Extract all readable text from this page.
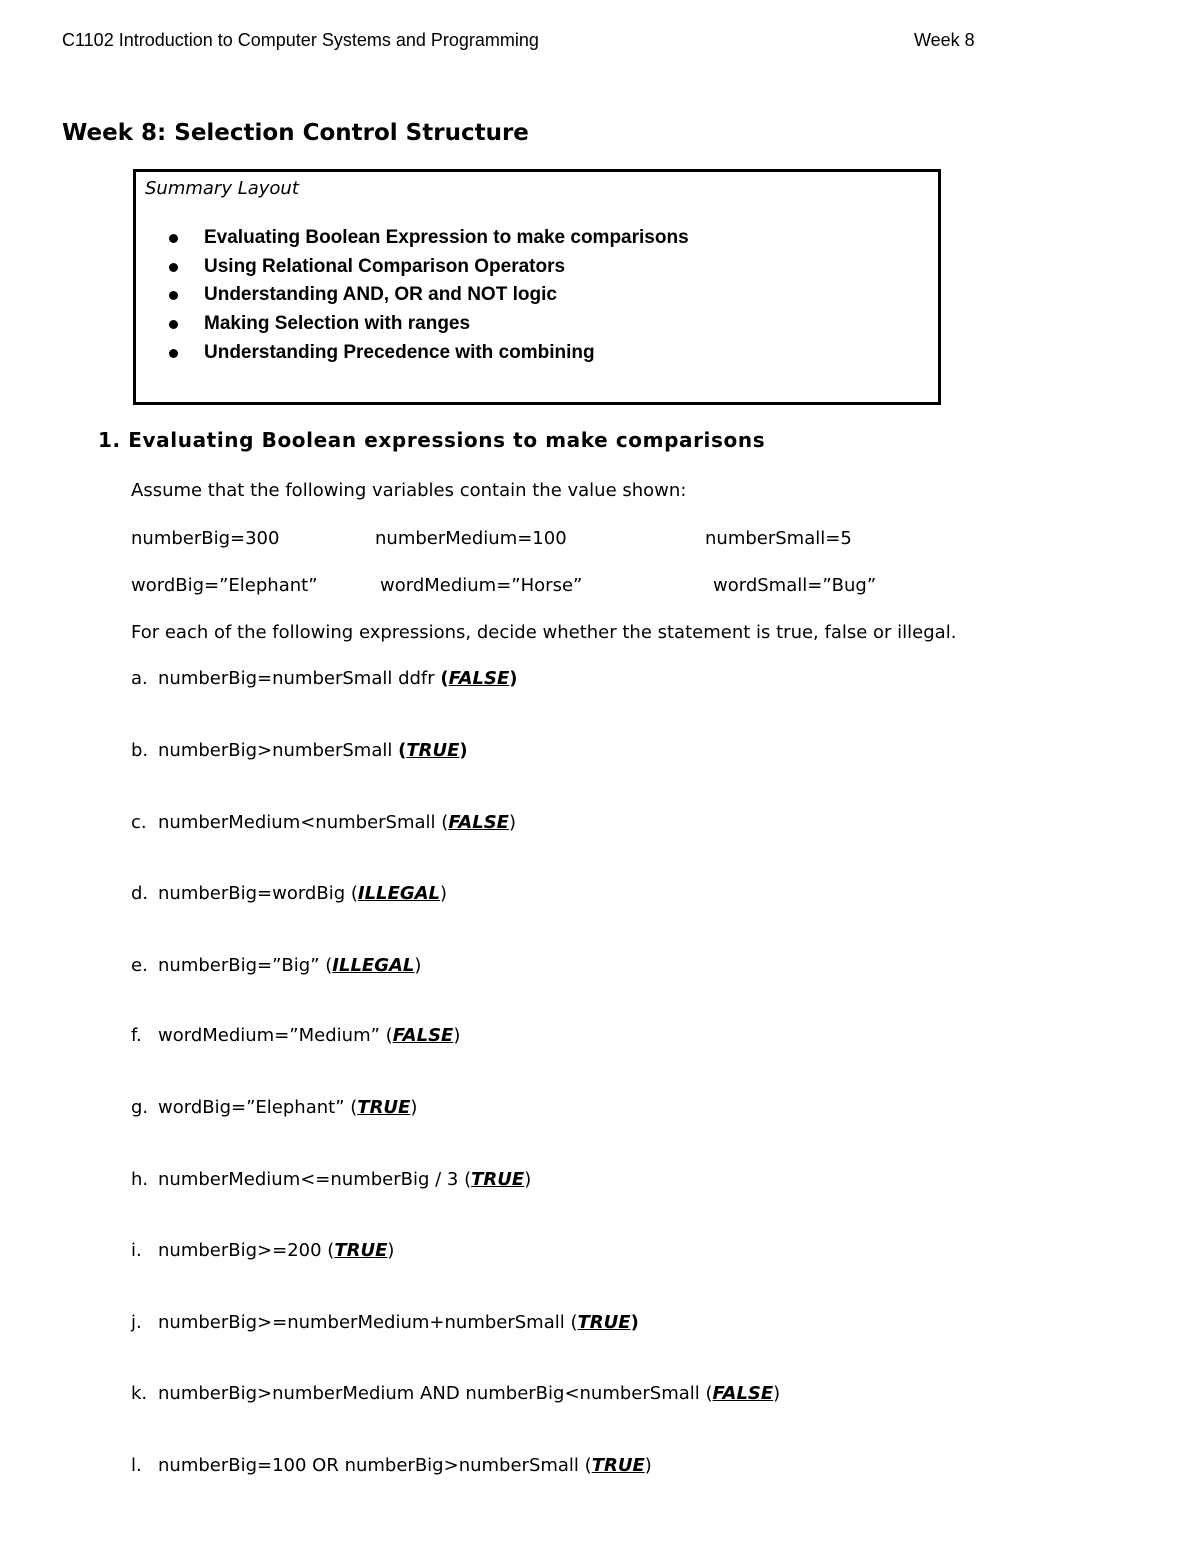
C1102 Introduction to Computer Systems and Programming	Week 8
Week 8: Selection Control Structure
Summary Layout
Evaluating Boolean Expression to make comparisons
Using Relational Comparison Operators
Understanding AND, OR and NOT logic
Making Selection with ranges
Understanding Precedence with combining
1. Evaluating Boolean expressions to make comparisons
Assume that the following variables contain the value shown:
numberBig=300	numberMedium=100	numberSmall=5
wordBig=”Elephant”	wordMedium=”Horse”	wordSmall=”Bug”
For each of the following expressions, decide whether the statement is true, false or illegal.
a. numberBig=numberSmall ddfr (FALSE)
b. numberBig>numberSmall (TRUE)
c. numberMedium<numberSmall (FALSE)
d. numberBig=wordBig (ILLEGAL)
e. numberBig=”Big” (ILLEGAL)
f. wordMedium=”Medium” (FALSE)
g. wordBig=”Elephant” (TRUE)
h. numberMedium<=numberBig / 3 (TRUE)
i. numberBig>=200 (TRUE)
j. numberBig>=numberMedium+numberSmall (TRUE)
k. numberBig>numberMedium AND numberBig<numberSmall (FALSE)
l. numberBig=100 OR numberBig>numberSmall (TRUE)
